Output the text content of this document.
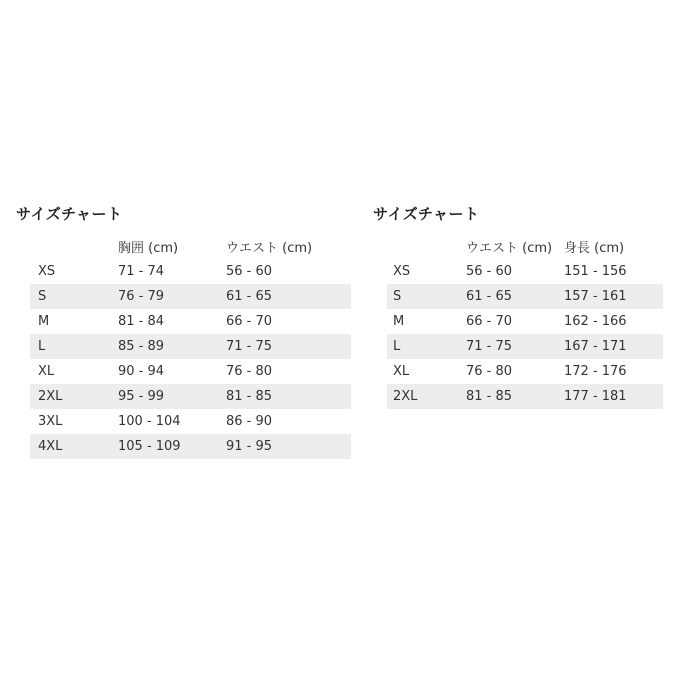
サイズチャート
	胸囲 (cm)	ウエスト (cm)
XS	71 - 74	56 - 60
S	76 - 79	61 - 65
M	81 - 84	66 - 70
L	85 - 89	71 - 75
XL	90 - 94	76 - 80
2XL	95 - 99	81 - 85
3XL	100 - 104	86 - 90
4XL	105 - 109	91 - 95
サイズチャート
	ウエスト (cm)	身長 (cm)
XS	56 - 60	151 - 156
S	61 - 65	157 - 161
M	66 - 70	162 - 166
L	71 - 75	167 - 171
XL	76 - 80	172 - 176
2XL	81 - 85	177 - 181
